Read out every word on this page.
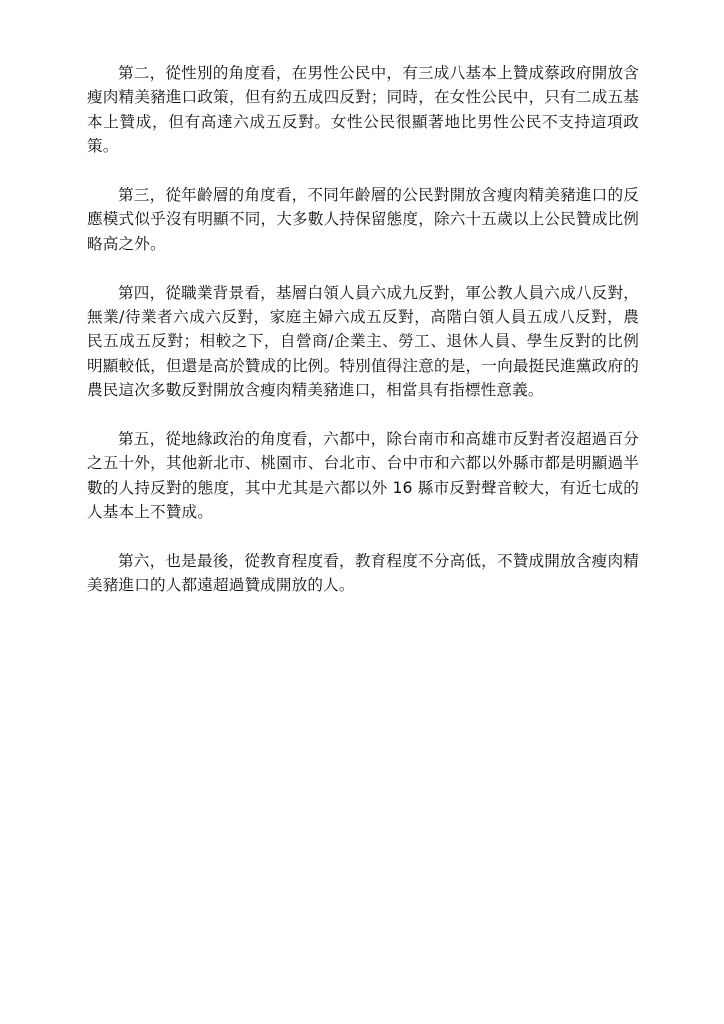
第二，從性別的角度看，在男性公民中，有三成八基本上贊成蔡政府開放含瘦肉精美豬進口政策，但有約五成四反對；同時，在女性公民中，只有二成五基本上贊成，但有高達六成五反對。女性公民很顯著地比男性公民不支持這項政策。

第三，從年齡層的角度看，不同年齡層的公民對開放含瘦肉精美豬進口的反應模式似乎沒有明顯不同，大多數人持保留態度，除六十五歲以上公民贊成比例略高之外。

第四，從職業背景看，基層白領人員六成九反對，軍公教人員六成八反對，無業/待業者六成六反對，家庭主婦六成五反對，高階白領人員五成八反對，農民五成五反對；相較之下，自營商/企業主、勞工、退休人員、學生反對的比例明顯較低，但還是高於贊成的比例。特別值得注意的是，一向最挺民進黨政府的農民這次多數反對開放含瘦肉精美豬進口，相當具有指標性意義。

第五，從地緣政治的角度看，六都中，除台南市和高雄市反對者沒超過百分之五十外，其他新北市、桃園市、台北市、台中市和六都以外縣市都是明顯過半數的人持反對的態度，其中尤其是六都以外 16 縣市反對聲音較大，有近七成的人基本上不贊成。

第六，也是最後，從教育程度看，教育程度不分高低，不贊成開放含瘦肉精美豬進口的人都遠超過贊成開放的人。
